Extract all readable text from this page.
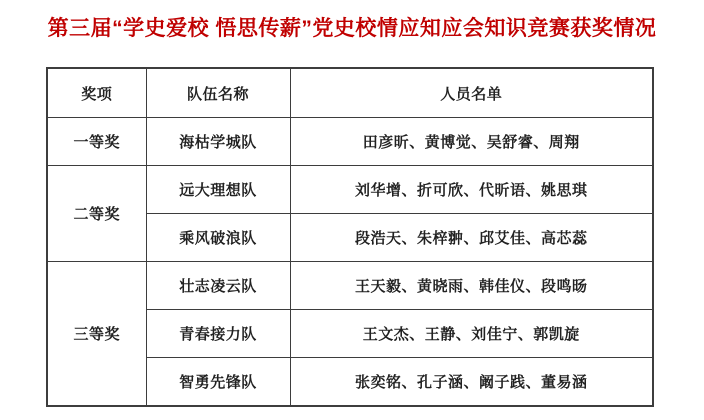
第三届“学史爱校 悟思传薪”党史校情应知应会知识竞赛获奖情况
奖项	队伍名称	人员名单
一等奖	海枯学城队	田彦昕、黄博觉、吴舒睿、周翔
二等奖	远大理想队	刘华增、折可欣、代昕语、姚思琪
	乘风破浪队	段浩天、朱梓翀、邱艾佳、高芯蕊
三等奖	壮志凌云队	王天毅、黄晓雨、韩佳仪、段鸣旸
	青春接力队	王文杰、王静、刘佳宁、郭凯旋
	智勇先锋队	张奕铭、孔子涵、阚子践、董易涵
